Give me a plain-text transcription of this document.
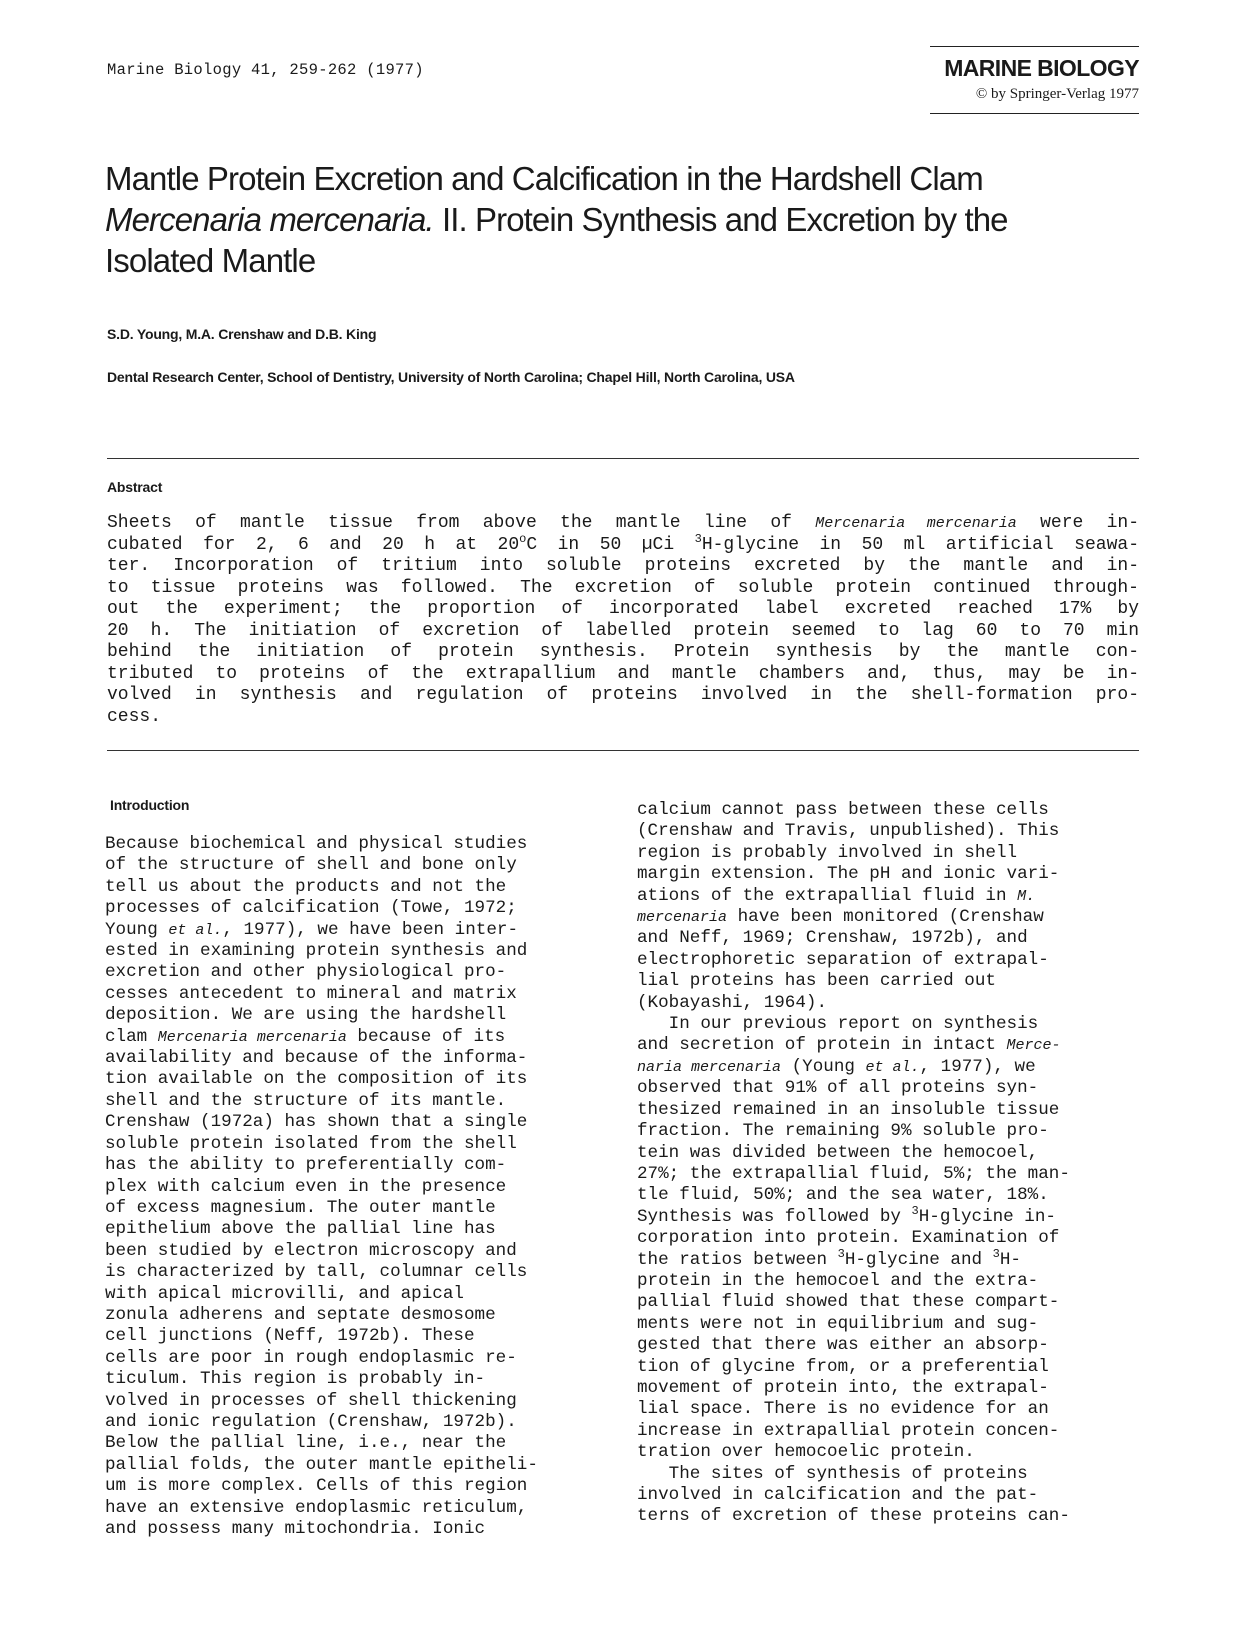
Marine Biology 41, 259-262 (1977)	MARINE BIOLOGY
© by Springer-Verlag 1977
Mantle Protein Excretion and Calcification in the Hardshell Clam
Mercenaria mercenaria. II. Protein Synthesis and Excretion by the
Isolated Mantle
S.D. Young, M.A. Crenshaw and D.B. King
Dental Research Center, School of Dentistry, University of North Carolina; Chapel Hill, North Carolina, USA
Abstract
Sheets of mantle tissue from above the mantle line of Mercenaria mercenaria were in-
cubated for 2, 6 and 20 h at 20$^o$C in 50 µCi $^3$H-glycine in 50 ml artificial seawa-
ter. Incorporation of tritium into soluble proteins excreted by the mantle and in-
to tissue proteins was followed. The excretion of soluble protein continued through-
out the experiment; the proportion of incorporated label excreted reached 17% by
20 h. The initiation of excretion of labelled protein seemed to lag 60 to 70 min
behind the initiation of protein synthesis. Protein synthesis by the mantle con-
tributed to proteins of the extrapallium and mantle chambers and, thus, may be in-
volved in synthesis and regulation of proteins involved in the shell-formation pro-
cess.
Introduction
Because biochemical and physical studies
of the structure of shell and bone only
tell us about the products and not the
processes of calcification (Towe, 1972;
Young et al., 1977), we have been inter-
ested in examining protein synthesis and
excretion and other physiological pro-
cesses antecedent to mineral and matrix
deposition. We are using the hardshell
clam Mercenaria mercenaria because of its
availability and because of the informa-
tion available on the composition of its
shell and the structure of its mantle.
Crenshaw (1972a) has shown that a single
soluble protein isolated from the shell
has the ability to preferentially com-
plex with calcium even in the presence
of excess magnesium. The outer mantle
epithelium above the pallial line has
been studied by electron microscopy and
is characterized by tall, columnar cells
with apical microvilli, and apical
zonula adherens and septate desmosome
cell junctions (Neff, 1972b). These
cells are poor in rough endoplasmic re-
ticulum. This region is probably in-
volved in processes of shell thickening
and ionic regulation (Crenshaw, 1972b).
Below the pallial line, i.e., near the
pallial folds, the outer mantle epitheli-
um is more complex. Cells of this region
have an extensive endoplasmic reticulum,
and possess many mitochondria. Ionic
calcium cannot pass between these cells
(Crenshaw and Travis, unpublished). This
region is probably involved in shell
margin extension. The pH and ionic vari-
ations of the extrapallial fluid in M.
mercenaria have been monitored (Crenshaw
and Neff, 1969; Crenshaw, 1972b), and
electrophoretic separation of extrapal-
lial proteins has been carried out
(Kobayashi, 1964).
In our previous report on synthesis
and secretion of protein in intact Merce-
naria mercenaria (Young et al., 1977), we
observed that 91% of all proteins syn-
thesized remained in an insoluble tissue
fraction. The remaining 9% soluble pro-
tein was divided between the hemocoel,
27%; the extrapallial fluid, 5%; the man-
tle fluid, 50%; and the sea water, 18%.
Synthesis was followed by $^3$H-glycine in-
corporation into protein. Examination of
the ratios between $^3$H-glycine and $^3$H-
protein in the hemocoel and the extra-
pallial fluid showed that these compart-
ments were not in equilibrium and sug-
gested that there was either an absorp-
tion of glycine from, or a preferential
movement of protein into, the extrapal-
lial space. There is no evidence for an
increase in extrapallial protein concen-
tration over hemocoelic protein.
The sites of synthesis of proteins
involved in calcification and the pat-
terns of excretion of these proteins can-
